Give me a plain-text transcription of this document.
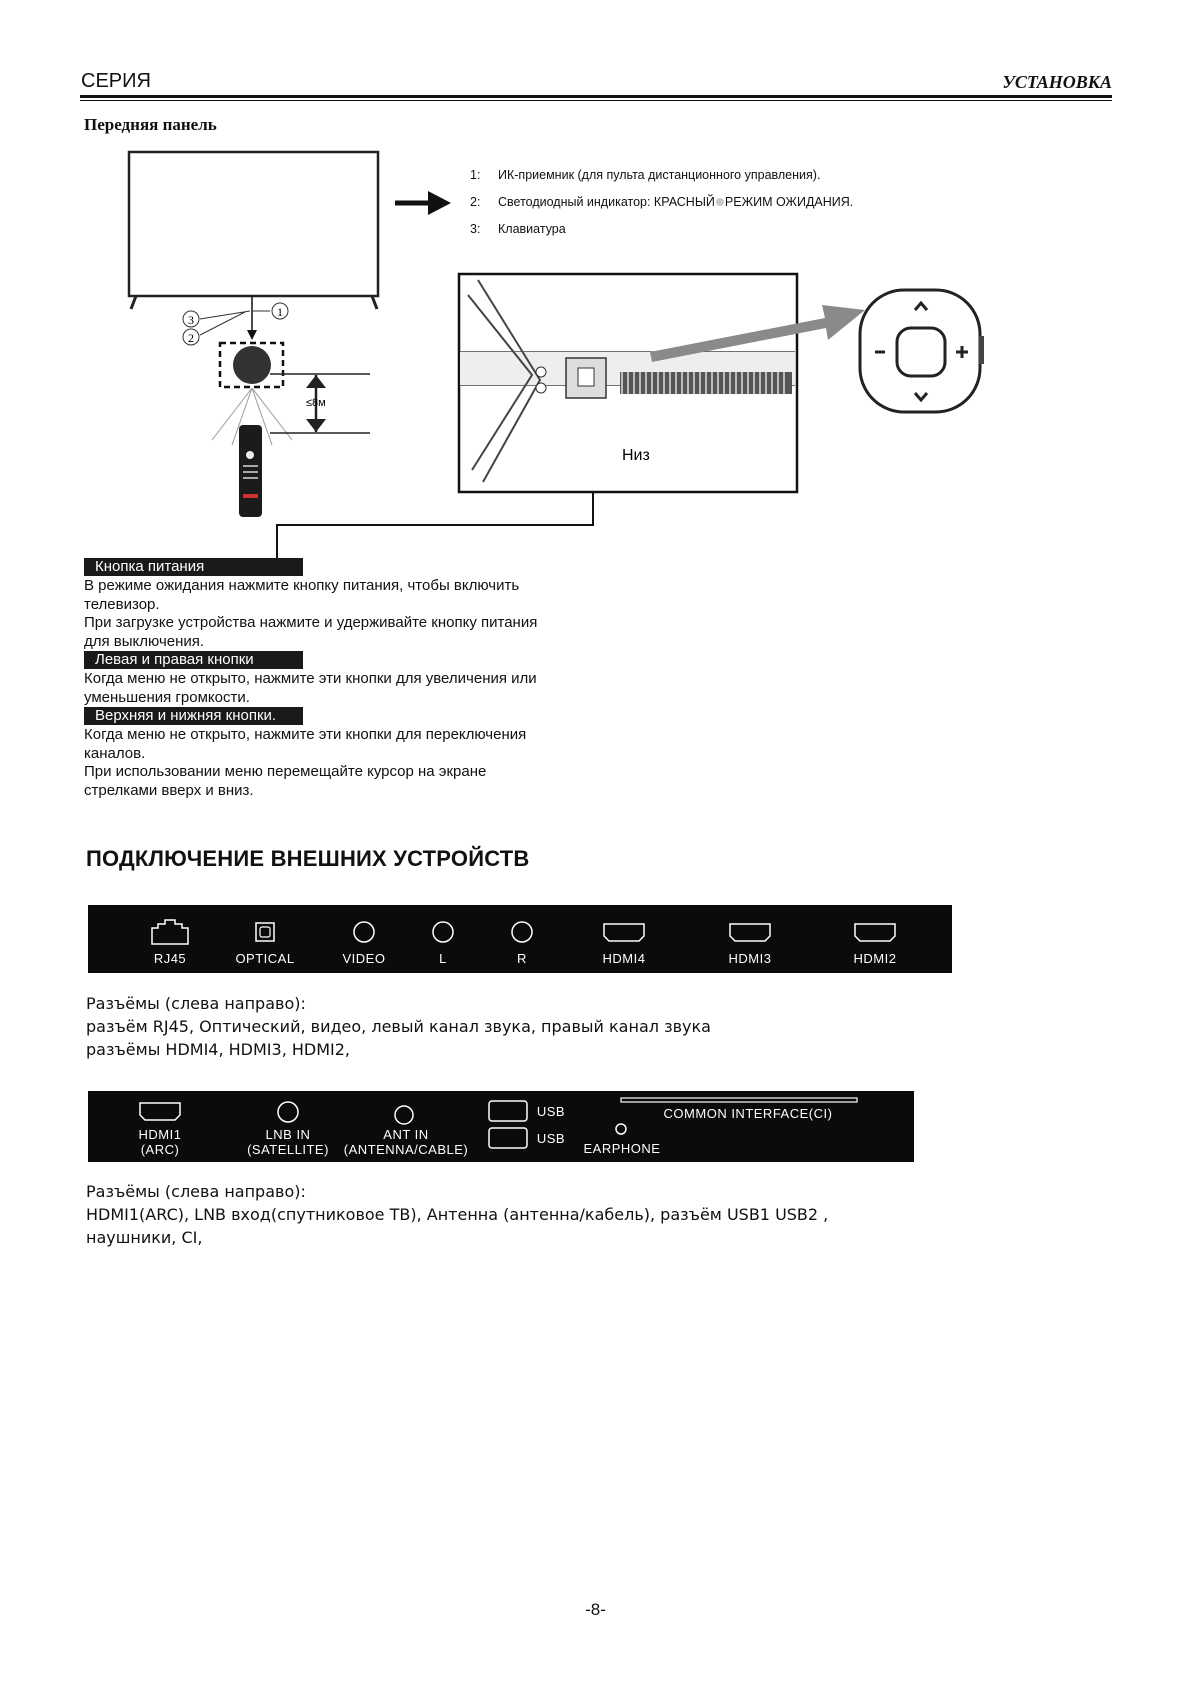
СЕРИЯ	УСТАНОВКА
Передняя панель
1: ИК-приемник (для пульта дистанционного управления).
2: Светодиодный индикатор: КРАСНЫЙ РЕЖИМ ОЖИДАНИЯ.
3: Клавиатура
1
3
2
≤8м
Низ
Кнопка питания
В режиме ожидания нажмите кнопку питания, чтобы включить
телевизор.
При загрузке устройства нажмите и удерживайте кнопку питания
для выключения.
Левая и правая кнопки
Когда меню не открыто, нажмите эти кнопки для увеличения или
уменьшения громкости.
Верхняя и нижняя кнопки.
Когда меню не открыто, нажмите эти кнопки для переключения
каналов.
При использовании меню перемещайте курсор на экране
стрелками вверх и вниз.
ПОДКЛЮЧЕНИЕ ВНЕШНИХ УСТРОЙСТВ
RJ45	OPTICAL	VIDEO	L	R	HDMI4	HDMI3	HDMI2
Разъёмы (слева направо):
разъём RJ45, Оптический, видео, левый канал звука, правый канал звука
разъёмы HDMI4, HDMI3, HDMI2,
HDMI1
(ARC)
LNB IN
(SATELLITE)
ANT IN
(ANTENNA/CABLE)
USB
USB
EARPHONE
COMMON INTERFACE(CI)
Разъёмы (слева направо):
HDMI1(ARC), LNB вход(спутниковое ТВ), Антенна (антенна/кабель), разъём USB1 USB2 ,
наушники, CI,
-8-
